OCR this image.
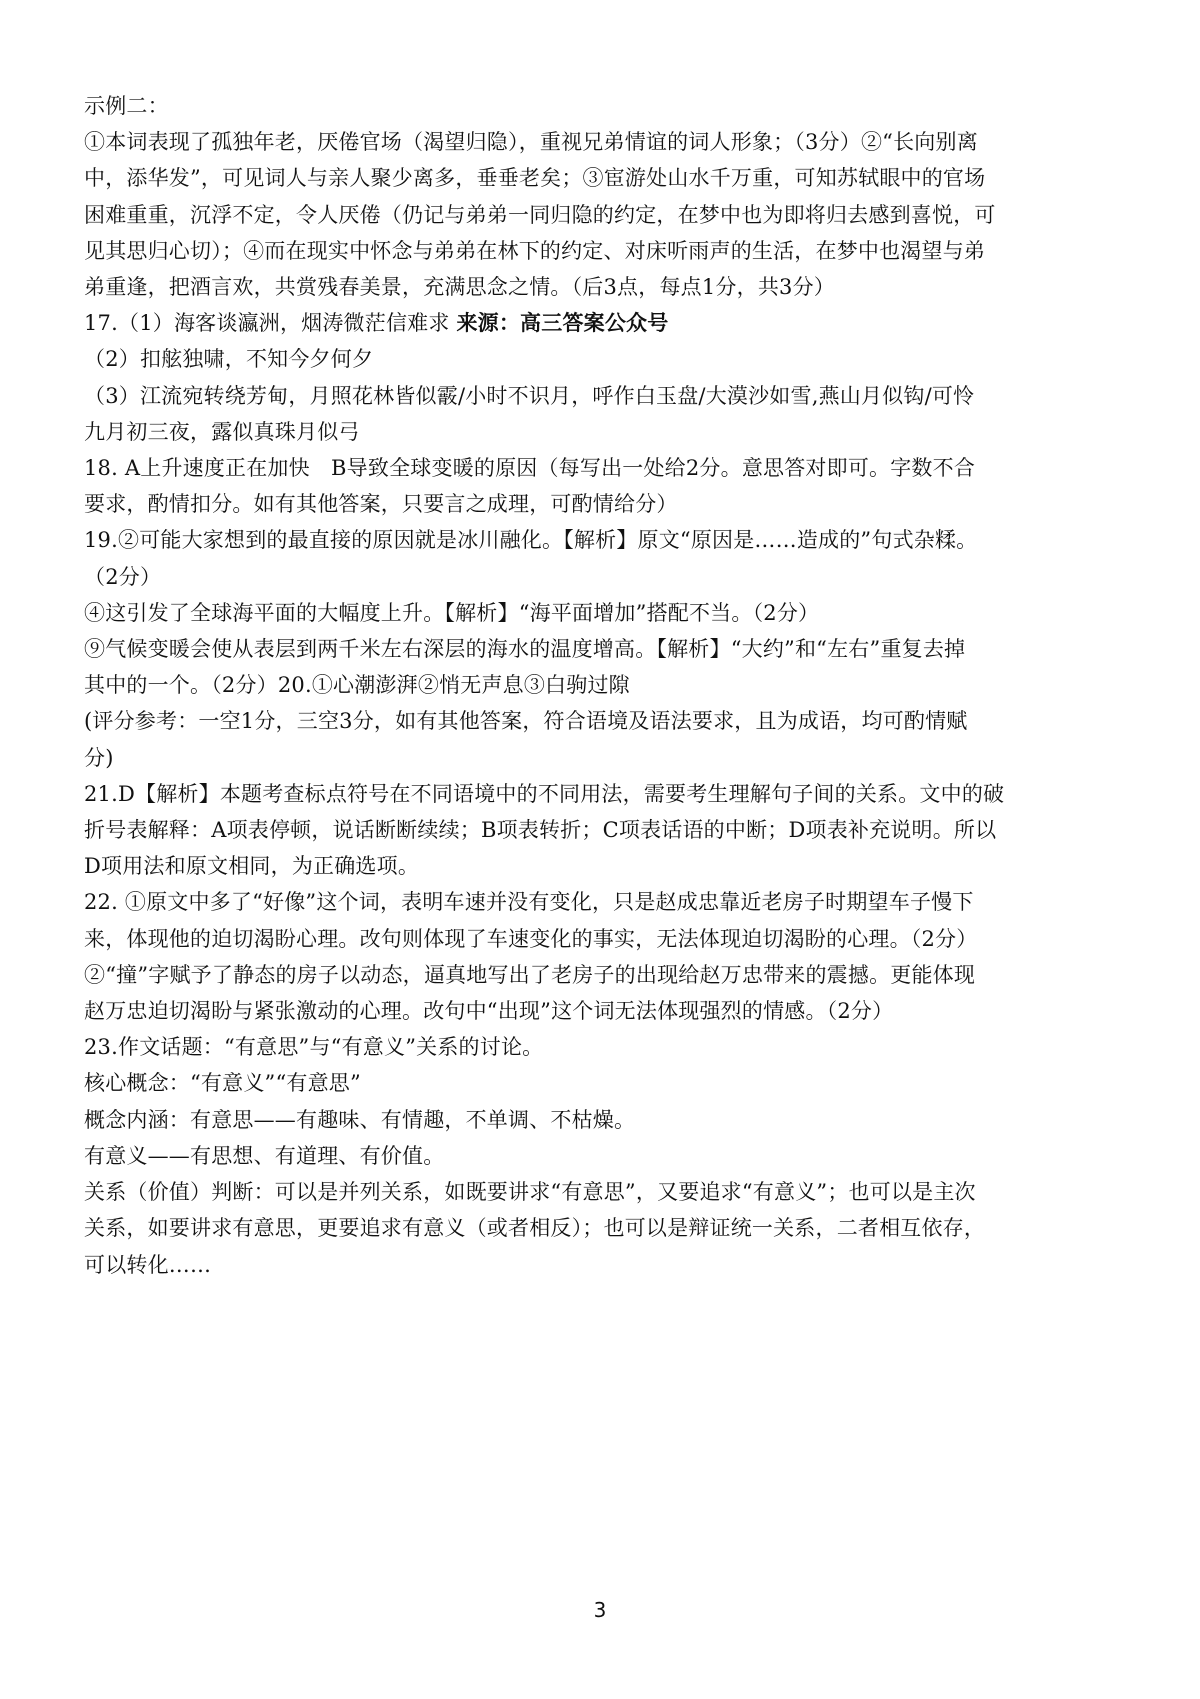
示例二：
①本词表现了孤独年老，厌倦官场（渴望归隐），重视兄弟情谊的词人形象；（3分）②“长向别离
中，添华发”，可见词人与亲人聚少离多，垂垂老矣；③宦游处山水千万重，可知苏轼眼中的官场
困难重重，沉浮不定，令人厌倦（仍记与弟弟一同归隐的约定，在梦中也为即将归去感到喜悦，可
见其思归心切）；④而在现实中怀念与弟弟在林下的约定、对床听雨声的生活，在梦中也渴望与弟
弟重逢，把酒言欢，共赏残春美景，充满思念之情。（后3点，每点1分，共3分）
17.（1）海客谈瀛洲，烟涛微茫信难求 来源：高三答案公众号
（2）扣舷独啸，不知今夕何夕
（3）江流宛转绕芳甸，月照花林皆似霰/小时不识月，呼作白玉盘/大漠沙如雪,燕山月似钩/可怜
九月初三夜，露似真珠月似弓
18. A上升速度正在加快　B导致全球变暖的原因（每写出一处给2分。意思答对即可。字数不合
要求，酌情扣分。如有其他答案，只要言之成理，可酌情给分）
19.②可能大家想到的最直接的原因就是冰川融化。【解析】原文“原因是……造成的”句式杂糅。
（2分）
④这引发了全球海平面的大幅度上升。【解析】“海平面增加”搭配不当。（2分）
⑨气候变暖会使从表层到两千米左右深层的海水的温度增高。【解析】“大约”和“左右”重复去掉
其中的一个。（2分）20.①心潮澎湃②悄无声息③白驹过隙
(评分参考：一空1分，三空3分，如有其他答案，符合语境及语法要求，且为成语，均可酌情赋
分)
21.D【解析】本题考查标点符号在不同语境中的不同用法，需要考生理解句子间的关系。文中的破
折号表解释：A项表停顿，说话断断续续；B项表转折；C项表话语的中断；D项表补充说明。所以
D项用法和原文相同，为正确选项。
22. ①原文中多了“好像”这个词，表明车速并没有变化，只是赵成忠靠近老房子时期望车子慢下
来，体现他的迫切渴盼心理。改句则体现了车速变化的事实，无法体现迫切渴盼的心理。（2分）
②“撞”字赋予了静态的房子以动态，逼真地写出了老房子的出现给赵万忠带来的震撼。更能体现
赵万忠迫切渴盼与紧张激动的心理。改句中“出现”这个词无法体现强烈的情感。（2分）
23.作文话题：“有意思”与“有意义”关系的讨论。
核心概念：“有意义”“有意思”
概念内涵：有意思——有趣味、有情趣，不单调、不枯燥。
有意义——有思想、有道理、有价值。
关系（价值）判断：可以是并列关系，如既要讲求“有意思”，又要追求“有意义”；也可以是主次
关系，如要讲求有意思，更要追求有意义（或者相反）；也可以是辩证统一关系，二者相互依存，
可以转化……
3
